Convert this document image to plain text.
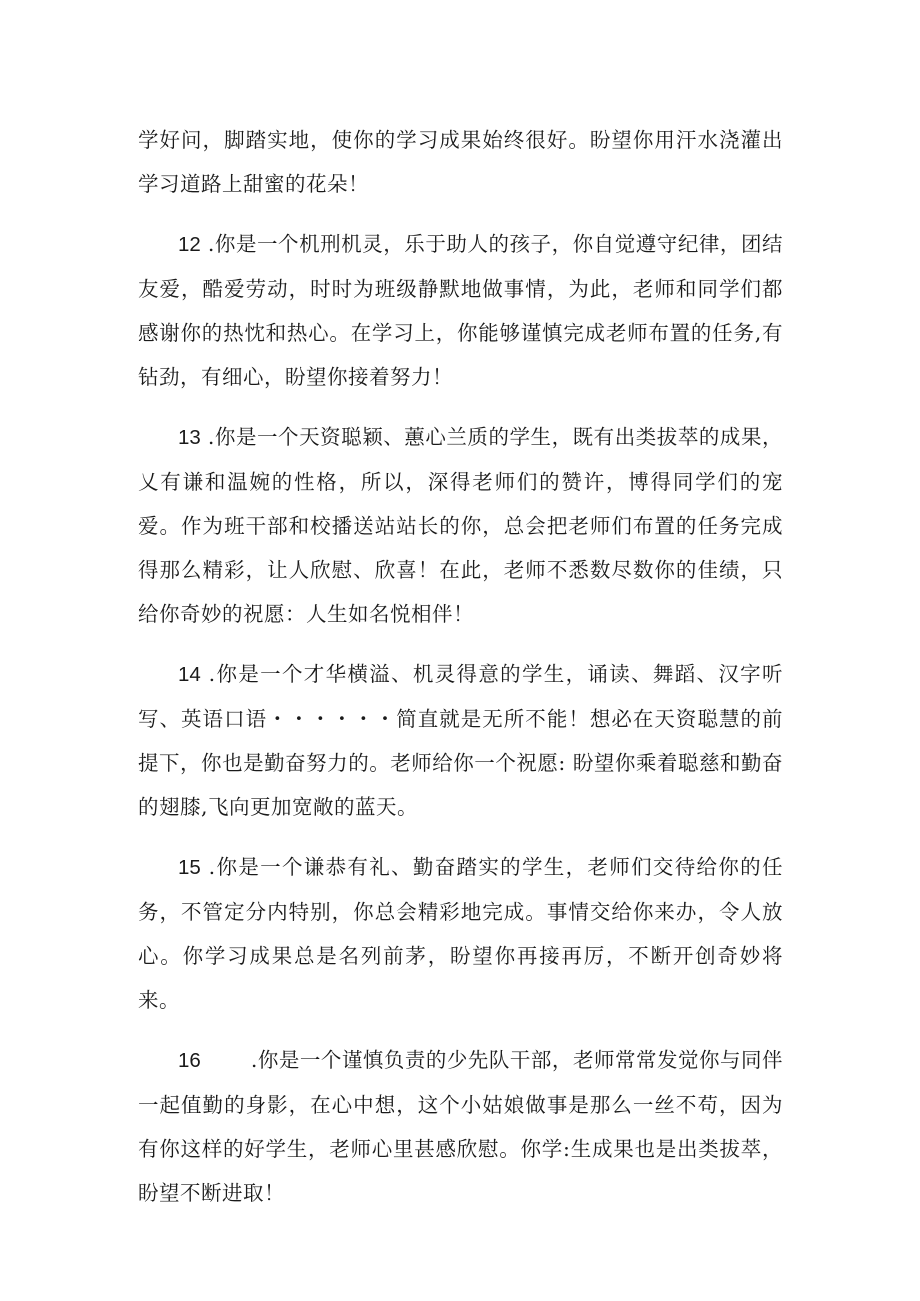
学好问，脚踏实地，使你的学习成果始终很好。盼望你用汗水浇灌出学习道路上甜蜜的花朵！

12 .你是一个机刑机灵，乐于助人的孩子，你自觉遵守纪律，团结友爱，酷爱劳动，时时为班级静默地做事情，为此，老师和同学们都感谢你的热忱和热心。在学习上，你能够谨慎完成老师布置的任务,有钻劲，有细心，盼望你接着努力！

13 .你是一个天资聪颖、蕙心兰质的学生，既有出类拔萃的成果，乂有谦和温婉的性格，所以，深得老师们的赞许，博得同学们的宠爱。作为班干部和校播送站站长的你，总会把老师们布置的任务完成得那么精彩，让人欣慰、欣喜！在此，老师不悉数尽数你的佳绩，只给你奇妙的祝愿：人生如名悦相伴！

14 .你是一个才华横溢、机灵得意的学生，诵读、舞蹈、汉字听写、英语口语・・・・・・简直就是无所不能！想必在天资聪慧的前提下，你也是勤奋努力的。老师给你一个祝愿: 盼望你乘着聪慈和勤奋的翅膝,飞向更加宽敞的蓝天。

15 .你是一个谦恭有礼、勤奋踏实的学生，老师们交待给你的任务，不管定分内特别，你总会精彩地完成。事情交给你来办，令人放心。你学习成果总是名列前茅，盼望你再接再厉，不断开创奇妙将来。

16 .你是一个谨慎负责的少先队干部，老师常常发觉你与同伴一起值勤的身影，在心中想，这个小姑娘做事是那么一丝不苟，因为有你这样的好学生，老师心里甚感欣慰。你学:生成果也是出类拔萃，盼望不断进取！
